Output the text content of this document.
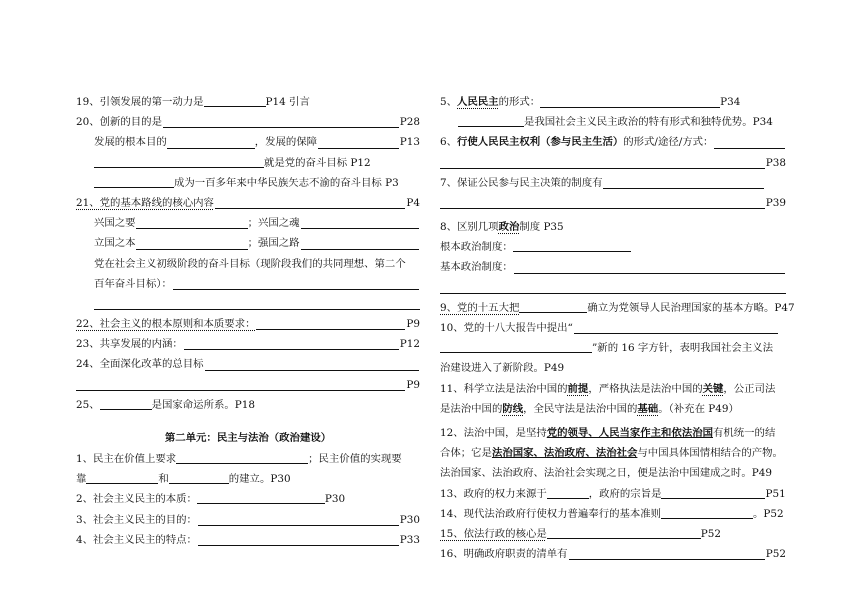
19、引领发展的第一动力是	P14 引言
20、创新的目的是	P28
发展的根本目的	，发展的保障	P13
就是党的奋斗目标 P12
成为一百多年来中华民族矢志不渝的奋斗目标 P3
21、党的基本路线的核心内容	P4
兴国之要	；兴国之魂
立国之本	；强国之路
党在社会主义初级阶段的奋斗目标（现阶段我们的共同理想、第二个
百年奋斗目标）：
22、社会主义的根本原则和本质要求：	P9
23、共享发展的内涵：	P12
24、全面深化改革的总目标
P9
25、	是国家命运所系。P18
第二单元：民主与法治（政治建设）
1、民主在价值上要求	；民主价值的实现要
靠	和	的建立。P30
2、社会主义民主的本质：	P30
3、社会主义民主的目的：	P30
4、社会主义民主的特点：	P33
5、 人民民主 的形式：	P34
是我国社会主义民主政治的特有形式和独特优势。P34
6、 行使人民民主权利（参与民主生活） 的形式/途径/方式：
P38
7、保证公民参与民主决策的制度有
P39
8、区别几项政治制度 P35
根本政治制度：
基本政治制度：
9、党的十五大把	确立为党领导人民治理国家的基本方略。P47
10、党的十八大报告中提出“
”新的 16 字方针，表明我国社会主义法
治建设进入了新阶段。P49
11、科学立法是法治中国的前提，严格执法是法治中国的关键，公正司法
是法治中国的防线，全民守法是法治中国的基础。（补充在 P49）
12、法治中国，是坚持党的领导、人民当家作主和依法治国有机统一的结
合体；它是法治国家、法治政府、法治社会与中国具体国情相结合的产物。
法治国家、法治政府、法治社会实现之日，便是法治中国建成之时。P49
13、政府的权力来源于	，政府的宗旨是	P51
14、现代法治政府行使权力普遍奉行的基本准则	。P52
15、依法行政的核心是	P52
16、明确政府职责的清单有	P52
